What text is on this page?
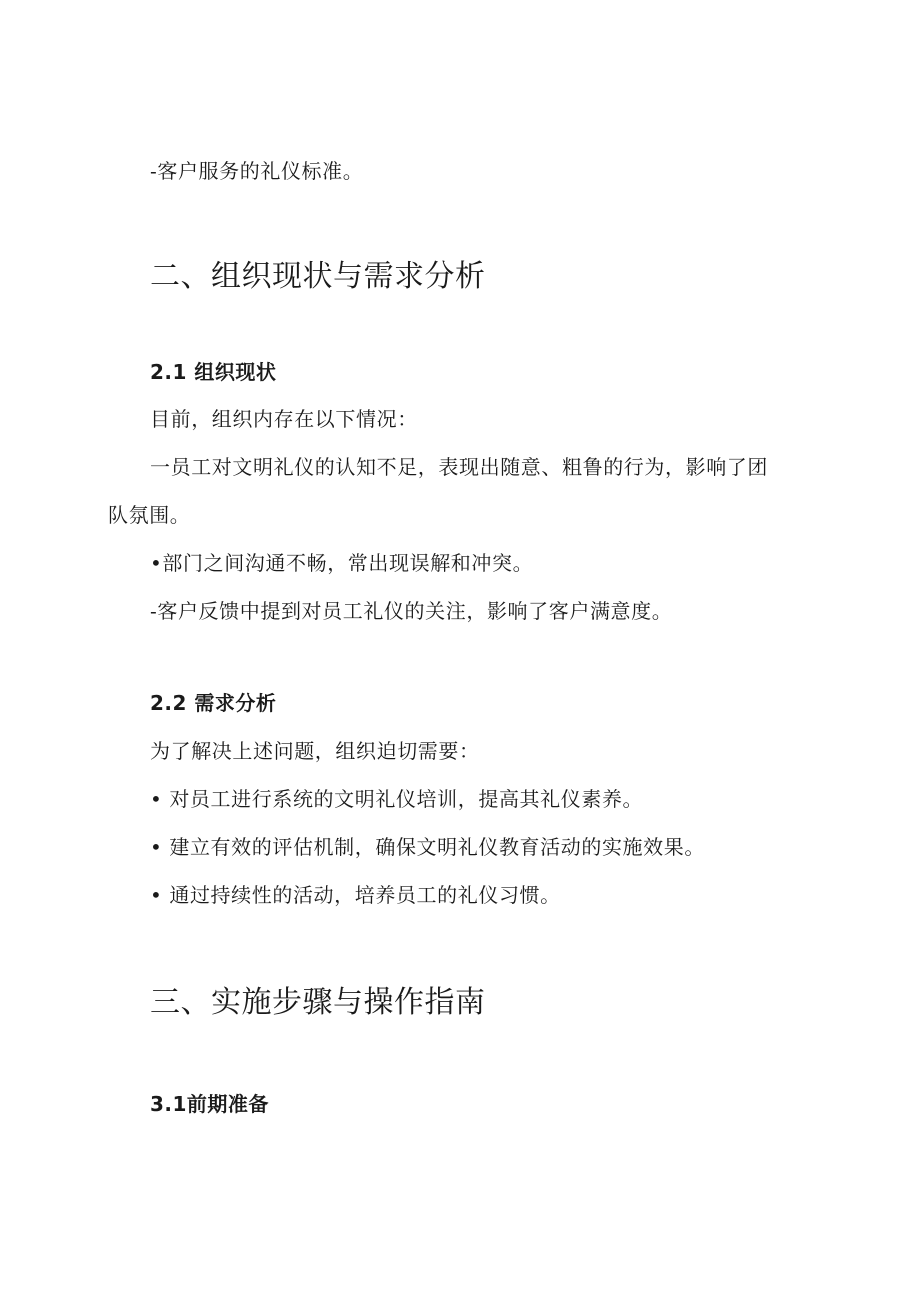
-客户服务的礼仪标准。
二、组织现状与需求分析
2.1 组织现状
目前，组织内存在以下情况：
一员工对文明礼仪的认知不足，表现出随意、粗鲁的行为，影响了团
队氛围。
•部门之间沟通不畅，常出现误解和冲突。
-客户反馈中提到对员工礼仪的关注，影响了客户满意度。
2.2 需求分析
为了解决上述问题，组织迫切需要：
• 对员工进行系统的文明礼仪培训，提高其礼仪素养。
• 建立有效的评估机制，确保文明礼仪教育活动的实施效果。
• 通过持续性的活动，培养员工的礼仪习惯。
三、实施步骤与操作指南
3.1前期准备
